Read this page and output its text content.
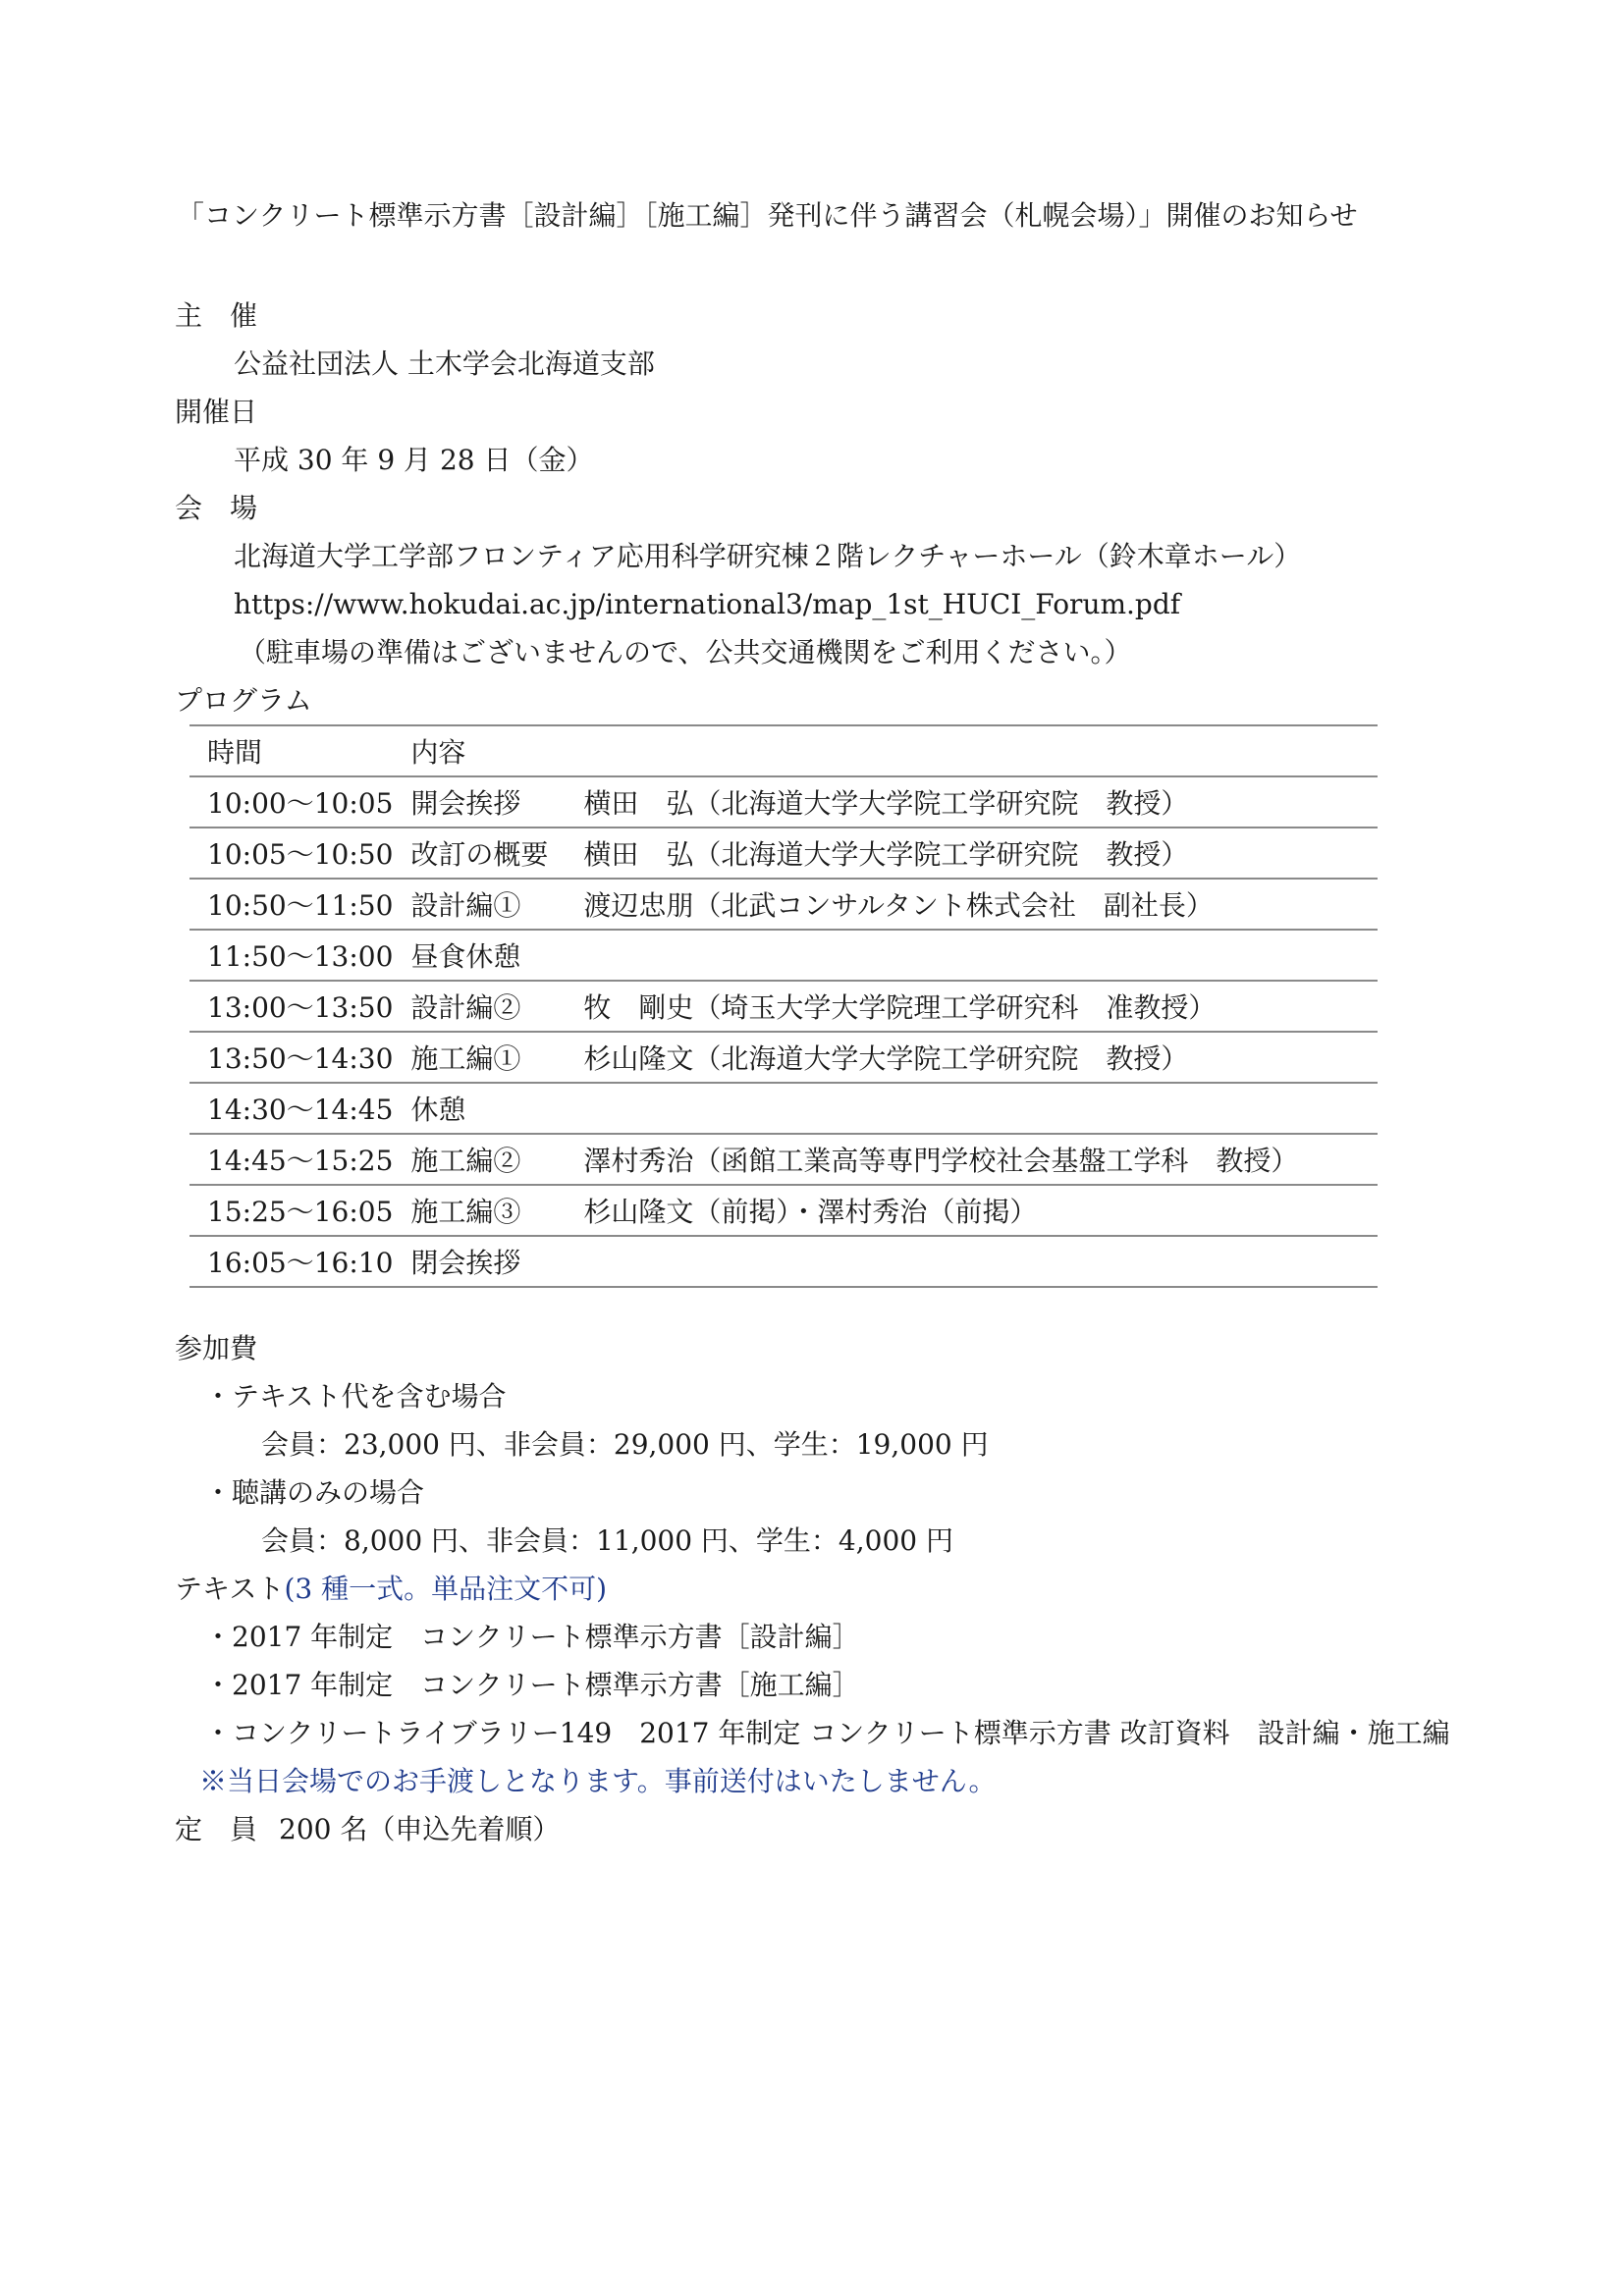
「コンクリート標準示方書［設計編］［施工編］発刊に伴う講習会（札幌会場）」開催のお知らせ
主　催
公益社団法人 土木学会北海道支部
開催日
平成 30 年 9 月 28 日（金）
会　場
北海道大学工学部フロンティア応用科学研究棟２階レクチャーホール（鈴木章ホール）
https://www.hokudai.ac.jp/international3/map_1st_HUCI_Forum.pdf
（駐車場の準備はございませんので、公共交通機関をご利用ください。）
プログラム
時間	内容	
10:00～10:05	開会挨拶	横田　弘（北海道大学大学院工学研究院　教授）
10:05～10:50	改訂の概要	横田　弘（北海道大学大学院工学研究院　教授）
10:50～11:50	設計編①	渡辺忠朋（北武コンサルタント株式会社　副社長）
11:50～13:00	昼食休憩	
13:00～13:50	設計編②	牧　剛史（埼玉大学大学院理工学研究科　准教授）
13:50～14:30	施工編①	杉山隆文（北海道大学大学院工学研究院　教授）
14:30～14:45	休憩	
14:45～15:25	施工編②	澤村秀治（函館工業高等専門学校社会基盤工学科　教授）
15:25～16:05	施工編③	杉山隆文（前掲）・澤村秀治（前掲）
16:05～16:10	閉会挨拶	
参加費
・テキスト代を含む場合
会員：23,000 円、非会員：29,000 円、学生：19,000 円
・聴講のみの場合
会員：8,000 円、非会員：11,000 円、学生：4,000 円
テキスト(3 種一式。単品注文不可)
・2017 年制定　コンクリート標準示方書［設計編］
・2017 年制定　コンクリート標準示方書［施工編］
・コンクリートライブラリー149　2017 年制定 コンクリート標準示方書 改訂資料　設計編・施工編
※当日会場でのお手渡しとなります。事前送付はいたしません。
定　員 200 名（申込先着順）
